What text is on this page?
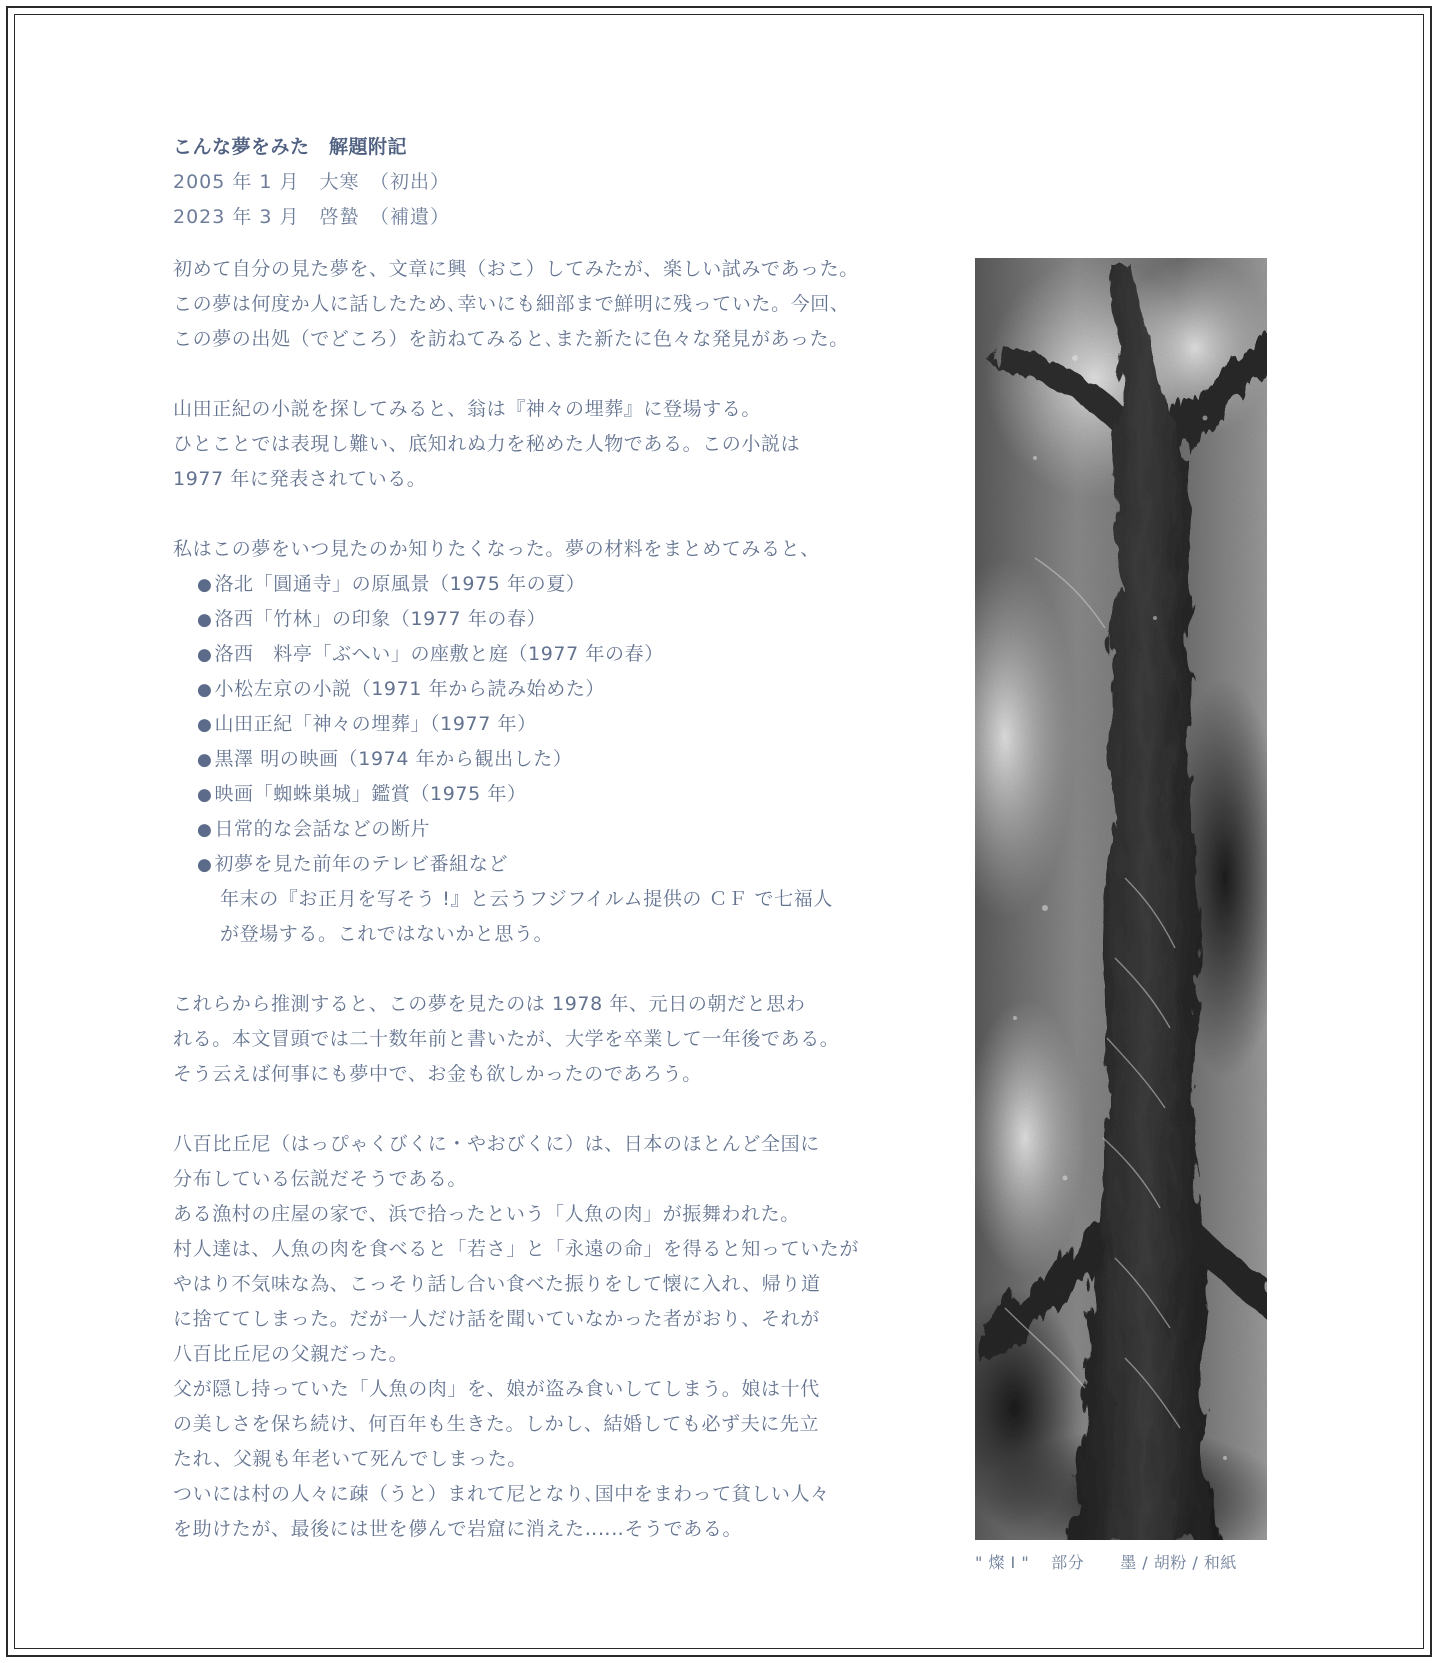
こんな夢をみた　解題附記
2005 年 1 月　大寒　（初出）
2023 年 3 月　啓蟄　（補遺）
初めて自分の見た夢を、文章に興（おこ）してみたが、楽しい試みであった。
この夢は何度か人に話したため､幸いにも細部まで鮮明に残っていた。今回、
この夢の出処（でどころ）を訪ねてみると､また新たに色々な発見があった。
山田正紀の小説を探してみると、翁は『神々の埋葬』に登場する。
ひとことでは表現し難い、底知れぬ力を秘めた人物である。この小説は
1977 年に発表されている。
私はこの夢をいつ見たのか知りたくなった。夢の材料をまとめてみると、
● 洛北「圓通寺」の原風景（1975 年の夏）
● 洛西「竹林」の印象（1977 年の春）
● 洛西　料亭「ぶへい」の座敷と庭（1977 年の春）
● 小松左京の小説（1971 年から読み始めた）
● 山田正紀「神々の埋葬」（1977 年）
● 黒澤 明の映画（1974 年から観出した）
● 映画「蜘蛛巣城」鑑賞（1975 年）
● 日常的な会話などの断片
● 初夢を見た前年のテレビ番組など
年末の『お正月を写そう !』と云うフジフイルム提供の ＣＦ で七福人
が登場する。これではないかと思う。
これらから推測すると、この夢を見たのは 1978 年、元日の朝だと思わ
れる。本文冒頭では二十数年前と書いたが、大学を卒業して一年後である。
そう云えば何事にも夢中で、お金も欲しかったのであろう。
八百比丘尼（はっぴゃくびくに・やおびくに）は、日本のほとんど全国に
分布している伝説だそうである。
ある漁村の庄屋の家で、浜で拾ったという「人魚の肉」が振舞われた。
村人達は、人魚の肉を食べると「若さ」と「永遠の命」を得ると知っていたが
やはり不気味な為、こっそり話し合い食べた振りをして懐に入れ、帰り道
に捨ててしまった。だが一人だけ話を聞いていなかった者がおり、それが
八百比丘尼の父親だった。
父が隠し持っていた「人魚の肉」を、娘が盗み食いしてしまう。娘は十代
の美しさを保ち続け、何百年も生きた。しかし、結婚しても必ず夫に先立
たれ、父親も年老いて死んでしまった。
ついには村の人々に疎（うと）まれて尼となり､国中をまわって貧しい人々
を助けたが、最後には世を儚んで岩窟に消えた‥‥‥そうである。
" 燦 I " 部分 墨 / 胡粉 / 和紙
